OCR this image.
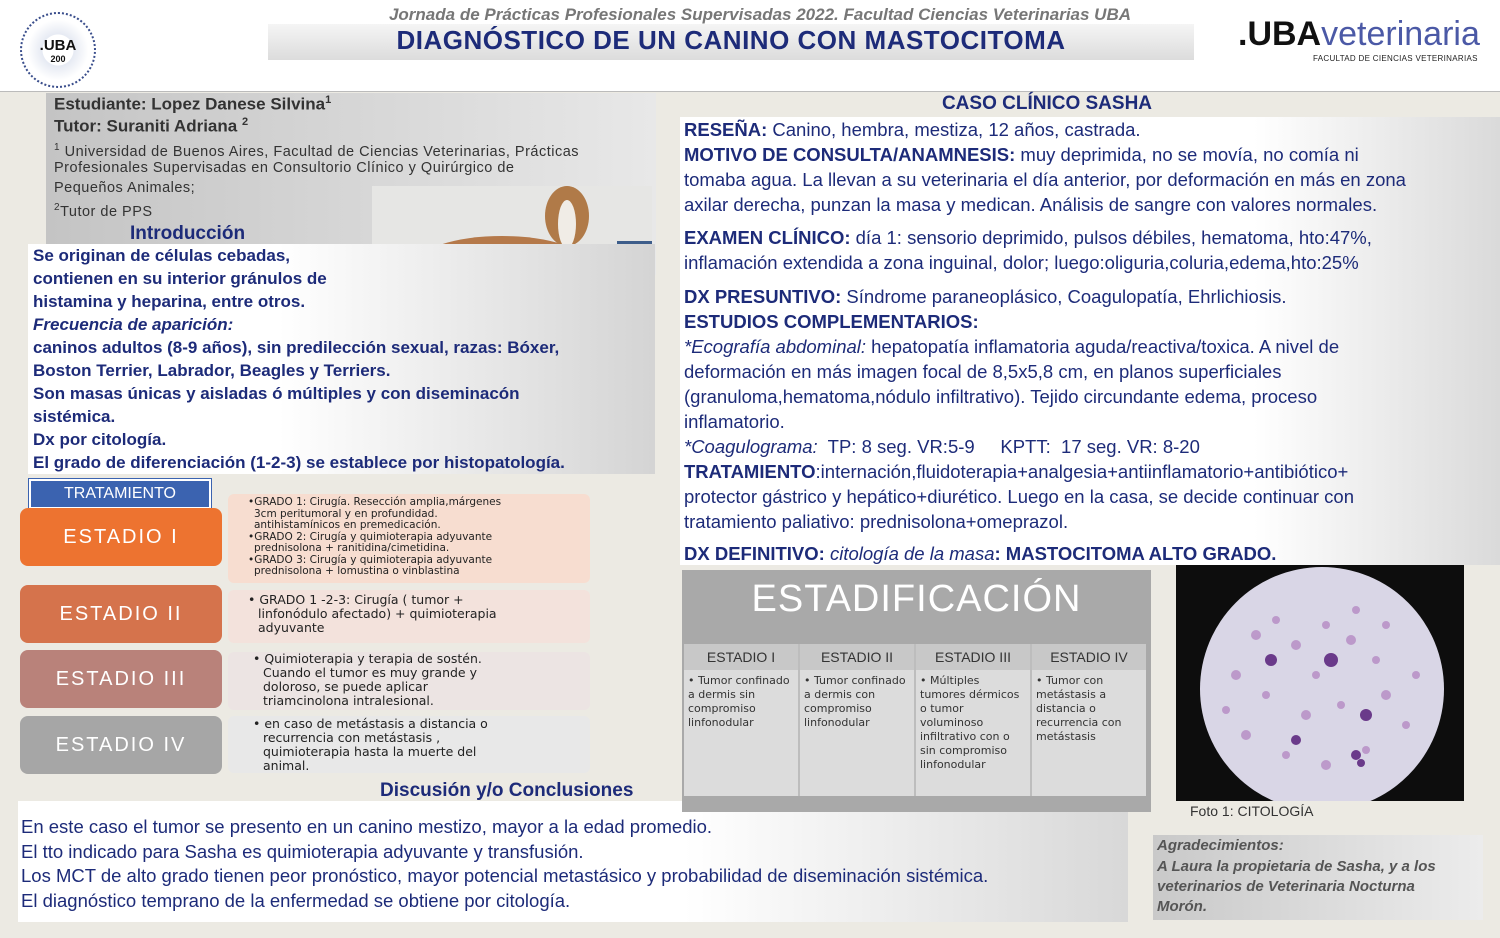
.UBA
200
Jornada de Prácticas Profesionales Supervisadas 2022. Facultad Ciencias Veterinarias UBA
DIAGNÓSTICO DE UN CANINO CON MASTOCITOMA	.UBAveterinaria
FACULTAD DE CIENCIAS VETERINARIAS
Estudiante: Lopez Danese Silvina$^1$
Tutor: Suraniti Adriana $^2$
$^1$ Universidad de Buenos Aires, Facultad de Ciencias Veterinarias, Prácticas
Profesionales Supervisadas en Consultorio Clínico y Quirúrgico de
Pequeños Animales;
$^2$Tutor de PPS
Se originan de células cebadas,
contienen en su interior gránulos de
histamina y heparina, entre otros.
Frecuencia de aparición:
caninos adultos (8-9 años), sin predilección sexual, razas: Bóxer,
Boston Terrier, Labrador, Beagles y Terriers.
Son masas únicas y aisladas ó múltiples y con diseminacón
sistémica.
Dx por citología.
El grado de diferenciación (1-2-3) se establece por histopatología.
Introducción
TRATAMIENTO
ESTADIO I
•GRADO 1: Cirugía. Resección amplia,márgenes
3cm peritumoral y en profundidad.
antihistamínicos en premedicación.
•GRADO 2: Cirugía y quimioterapia adyuvante
prednisolona + ranitidina/cimetidina.
•GRADO 3: Cirugía y quimioterapia adyuvante
prednisolona + lomustina o vinblastina
ESTADIO II
• GRADO 1 -2-3: Cirugía ( tumor +
linfonódulo afectado) + quimioterapia
adyuvante
ESTADIO III
• Quimioterapia y terapia de sostén.
Cuando el tumor es muy grande y
doloroso, se puede aplicar
triamcinolona intralesional.
ESTADIO IV
• en caso de metástasis a distancia o
recurrencia con metástasis ,
quimioterapia hasta la muerte del
animal.
Discusión y/o Conclusiones
En este caso el tumor se presento en un canino mestizo, mayor a la edad promedio.
El tto indicado para Sasha es quimioterapia adyuvante y transfusión.
Los MCT de alto grado tienen peor pronóstico, mayor potencial metastásico y probabilidad de diseminación sistémica.
El diagnóstico temprano de la enfermedad se obtiene por citología.
CASO CLÍNICO SASHA
RESEÑA: Canino, hembra, mestiza, 12 años, castrada.
MOTIVO DE CONSULTA/ANAMNESIS: muy deprimida, no se movía, no comía ni
tomaba agua. La llevan a su veterinaria el día anterior, por deformación en más en zona
axilar derecha, punzan la masa y medican. Análisis de sangre con valores normales.
EXAMEN CLÍNICO: día 1: sensorio deprimido, pulsos débiles, hematoma, hto:47%,
inflamación extendida a zona inguinal, dolor; luego:oliguria,coluria,edema,hto:25%
DX PRESUNTIVO: Síndrome paraneoplásico, Coagulopatía, Ehrlichiosis.
ESTUDIOS COMPLEMENTARIOS:
*Ecografía abdominal: hepatopatía inflamatoria aguda/reactiva/toxica. A nivel de
deformación en más imagen focal de 8,5x5,8 cm, en planos superficiales
(granuloma,hematoma,nódulo infiltrativo). Tejido circundante edema, proceso
inflamatorio.
*Coagulograma:  TP: 8 seg. VR:5-9     KPTT:  17 seg. VR: 8-20
TRATAMIENTO:internación,fluidoterapia+analgesia+antiinflamatorio+antibiótico+
protector gástrico y hepático+diurético. Luego en la casa, se decide continuar con
tratamiento paliativo: prednisolona+omeprazol.
DX DEFINITIVO: citología de la masa: MASTOCITOMA ALTO GRADO.
ESTADIFICACIÓN
ESTADIO I
• Tumor confinado a dermis sin compromiso linfonodular
ESTADIO II
• Tumor confinado a dermis con compromiso linfonodular
ESTADIO III
• Múltiples tumores dérmicos o tumor voluminoso infiltrativo con o sin compromiso linfonodular
ESTADIO IV
• Tumor con metástasis a distancia o recurrencia con metástasis
Foto 1: CITOLOGÍA
Agradecimientos:
A Laura la propietaria de Sasha, y a los
veterinarios de Veterinaria Nocturna
Morón.
